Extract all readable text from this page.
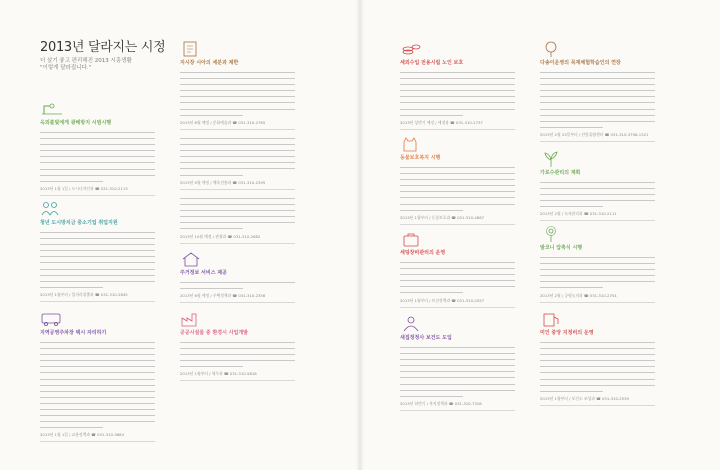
2013년 달라지는 시정
더 살기 좋고 편리해진 2013 시흥생활 "이렇게 달라집니다."
옥외불빛에게 광해방지 시범시행
2013년 1월 1일 / 도시디자인과 ☎ 031-310-2113
청년 도시방치금 중소기업 취업지원
2013년 1월부터 / 일자리창출과 ☎ 031-310-2845
지역공영주차장 택시 자리하기
2013년 1월 1일 / 교통정책과 ☎ 031-310-3664
지시장 시아의 세분과 제한
2013년 6월 예정 / 문화예술과 ☎ 031-310-2765
2013년 5월 예정 / 체육진흥과 ☎ 031-310-2395
2013년 10월 예정 / 관광과 ☎ 031-310-2682
주거정보 서비스 제공
2013년 6월 예정 / 주택정책과 ☎ 031-310-2356
공공시설물 중 환경시 사업개발
2013년 1월부터 / 세무과 ☎ 031-310-5816
세외수입 전용시립 노인 보호
2013년 상반기 예정 / 세정과 ☎ 031-310-2737
동물보호복지 시행
2013년 1월부터 / 동물보호과 ☎ 031-310-4867
세팅장비관리의 운영
2013년 1월부터 / 보건정책과 ☎ 031-310-2557
새집정정사 보건도 도입
2013년 하반기 / 복지정책과 ☎ 031-310-7328
다송이운영의 목재체험학습인의 연장
2013년 2월 23일부터 / 산림휴양센터 ☎ 031-310-3706-1521
가로수관리의 계획
2013년 2월 / 녹지관리과 ☎ 031-310-2111
발코니 압축식 시행
2013년 2월 / 공원녹지과 ☎ 031-310-2754
미인 중앙 지정비의 운영
2013년 1월부터 / 보건소 조성과 ☎ 031-310-2539
